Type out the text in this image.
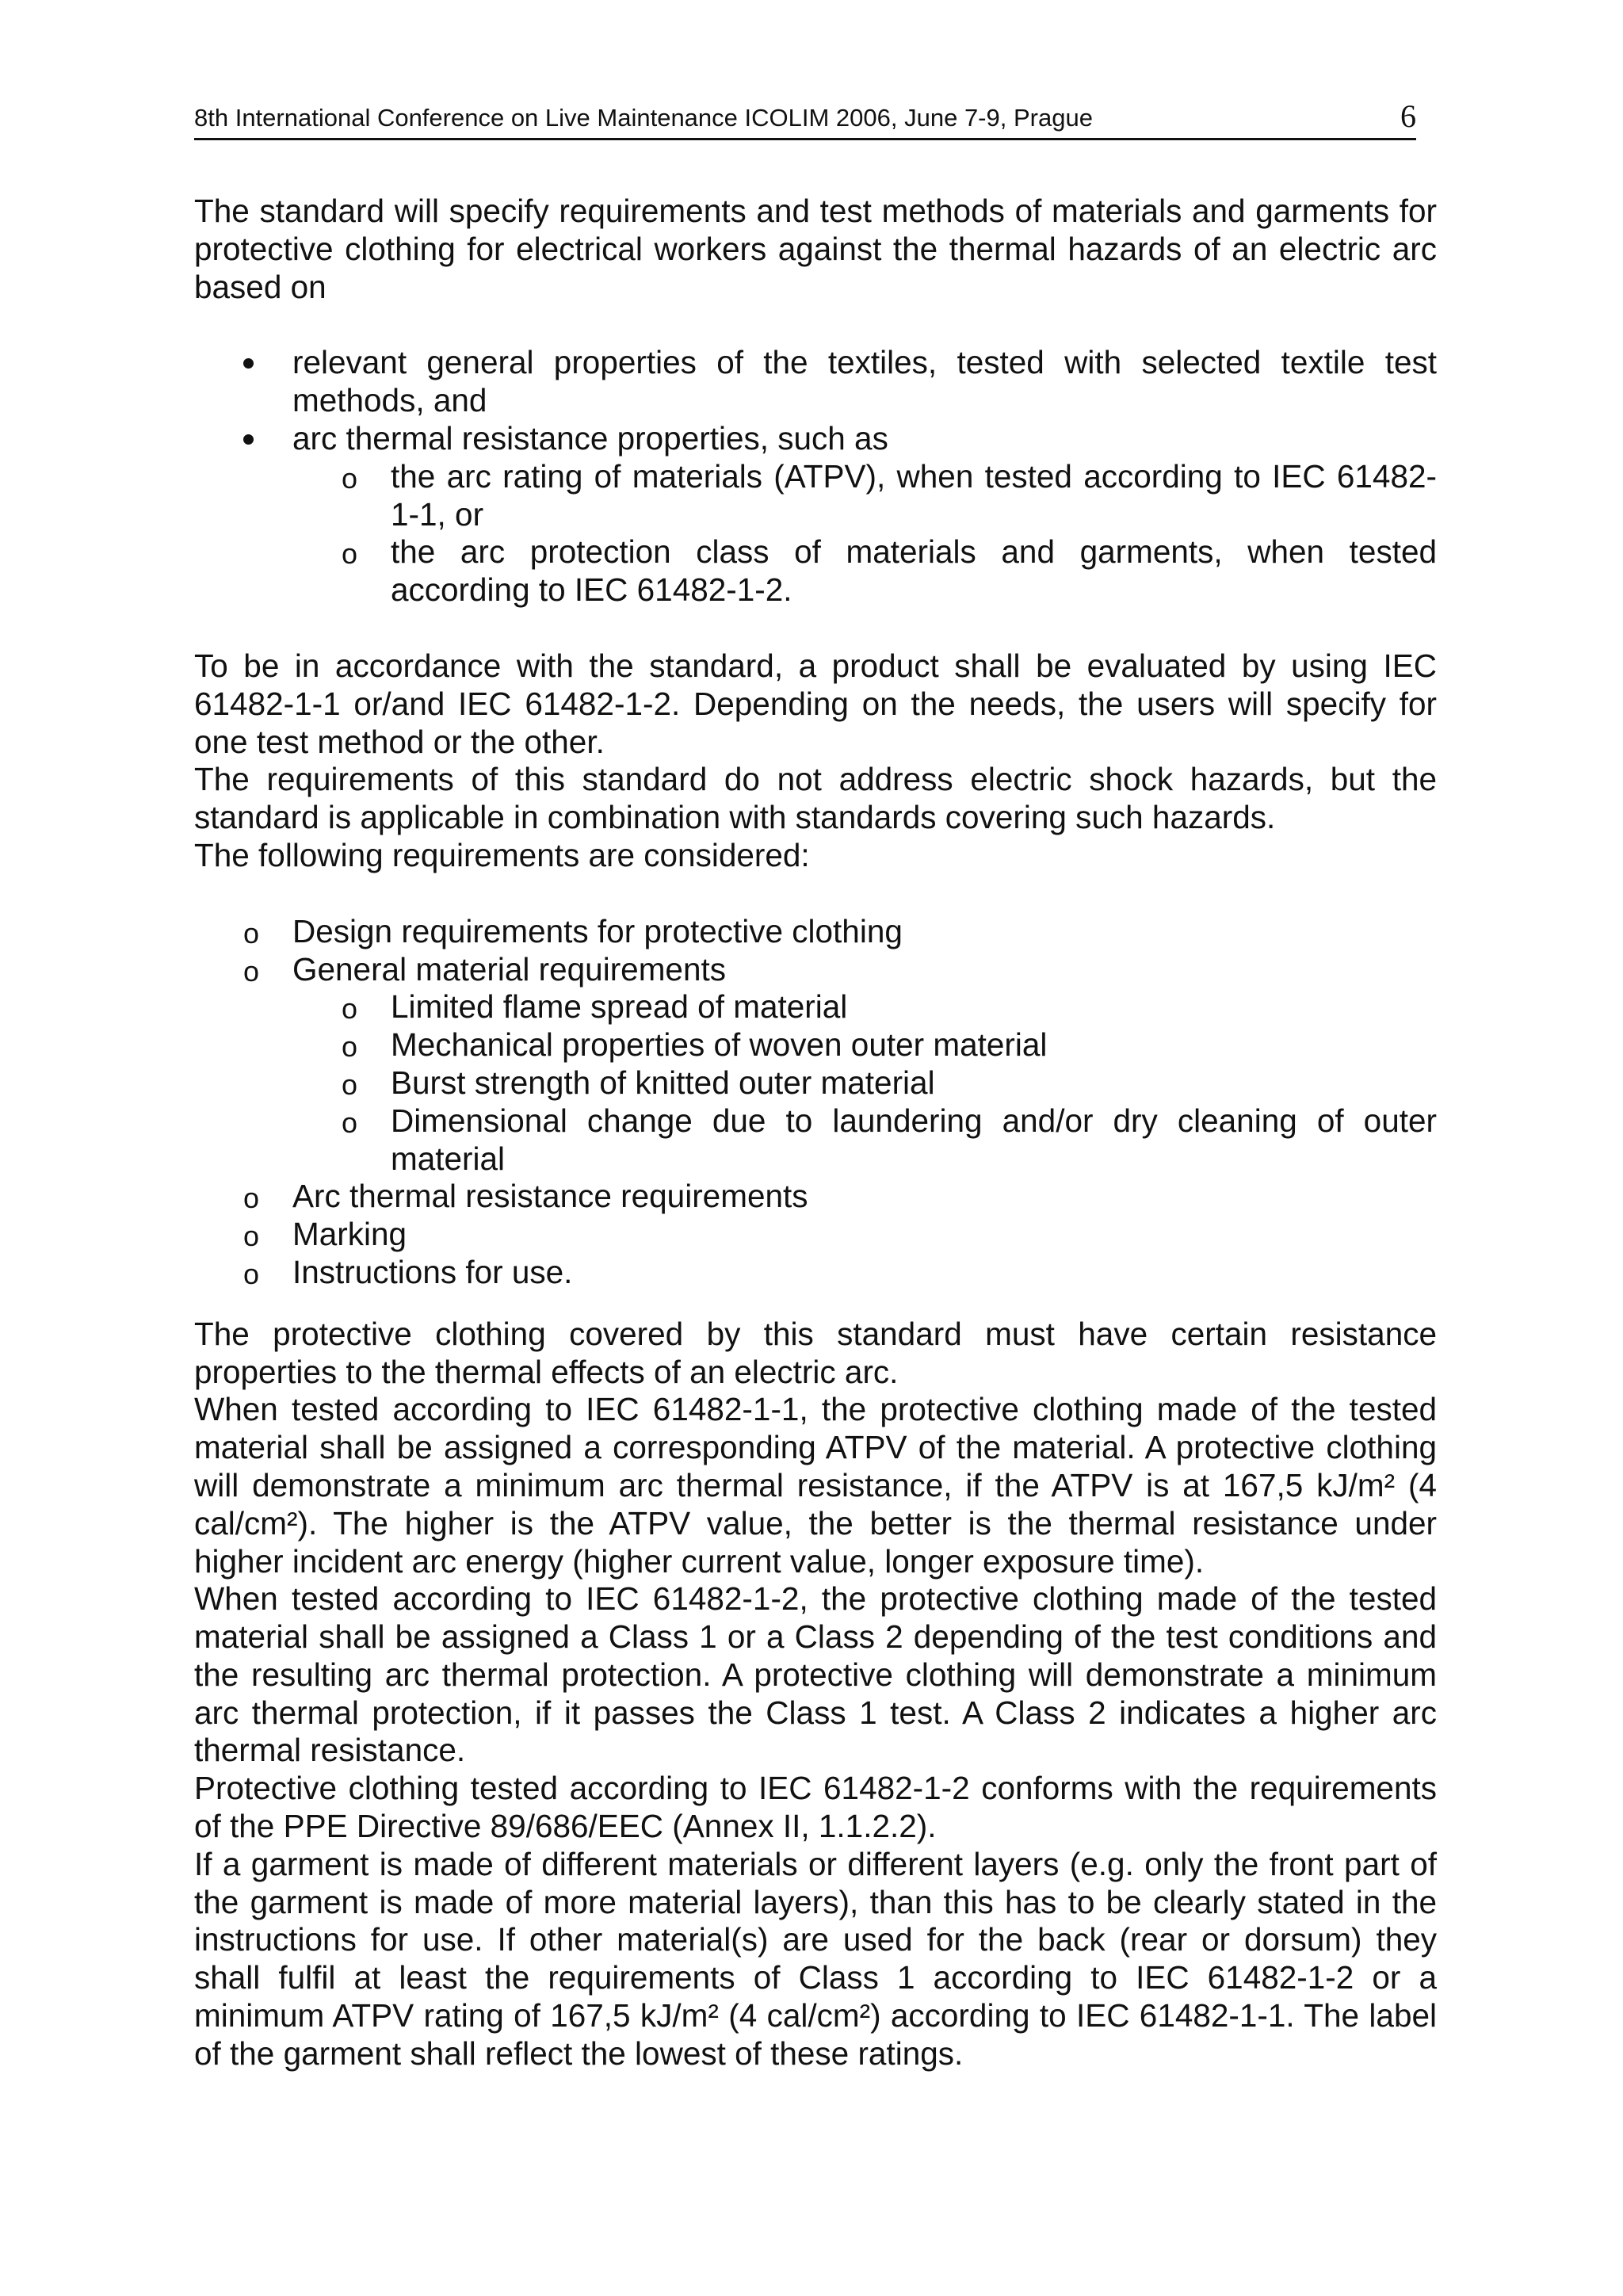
8th International Conference on Live Maintenance ICOLIM 2006, June 7-9, Prague	6

The standard will specify requirements and test methods of materials and garments for protective clothing for electrical workers against the thermal hazards of an electric arc based on

relevant general properties of the textiles, tested with selected textile test methods, and
arc thermal resistance properties, such as
o the arc rating of materials (ATPV), when tested according to IEC 61482-1-1, or
o the arc protection class of materials and garments, when tested according to IEC 61482-1-2.

To be in accordance with the standard, a product shall be evaluated by using IEC 61482-1-1 or/and IEC 61482-1-2. Depending on the needs, the users will specify for one test method or the other.

The requirements of this standard do not address electric shock hazards, but the standard is applicable in combination with standards covering such hazards.

The following requirements are considered:

o Design requirements for protective clothing
o General material requirements
o Limited flame spread of material
o Mechanical properties of woven outer material
o Burst strength of knitted outer material
o Dimensional change due to laundering and/or dry cleaning of outer material
o Arc thermal resistance requirements
o Marking
o Instructions for use.

The protective clothing covered by this standard must have certain resistance properties to the thermal effects of an electric arc.

When tested according to IEC 61482-1-1, the protective clothing made of the tested material shall be assigned a corresponding ATPV of the material. A protective clothing will demonstrate a minimum arc thermal resistance, if the ATPV is at 167,5 kJ/m² (4 cal/cm²). The higher is the ATPV value, the better is the thermal resistance under higher incident arc energy (higher current value, longer exposure time).

When tested according to IEC 61482-1-2, the protective clothing made of the tested material shall be assigned a Class 1 or a Class 2 depending of the test conditions and the resulting arc thermal protection. A protective clothing will demonstrate a minimum arc thermal protection, if it passes the Class 1 test. A Class 2 indicates a higher arc thermal resistance.

Protective clothing tested according to IEC 61482-1-2 conforms with the requirements of the PPE Directive 89/686/EEC (Annex II, 1.1.2.2).

If a garment is made of different materials or different layers (e.g. only the front part of the garment is made of more material layers), than this has to be clearly stated in the instructions for use. If other material(s) are used for the back (rear or dorsum) they shall fulfil at least the requirements of Class 1 according to IEC 61482-1-2 or a minimum ATPV rating of 167,5 kJ/m² (4 cal/cm²) according to IEC 61482-1-1. The label of the garment shall reflect the lowest of these ratings.
